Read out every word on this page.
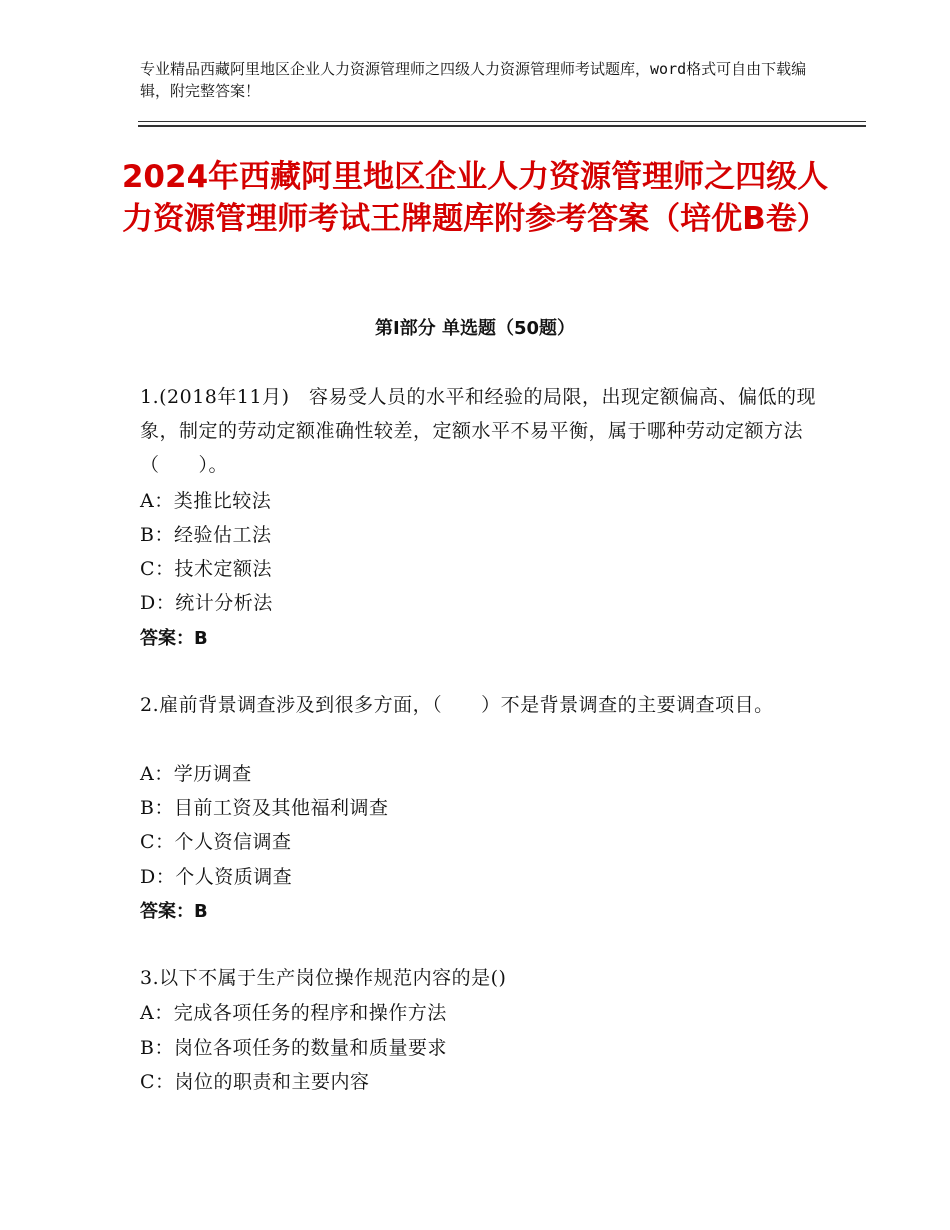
专业精品西藏阿里地区企业人力资源管理师之四级人力资源管理师考试题库，word格式可自由下载编辑，附完整答案！
2024年西藏阿里地区企业人力资源管理师之四级人力资源管理师考试王牌题库附参考答案（培优B卷）
第Ⅰ部分 单选题（50题）
1.(2018年11月)　容易受人员的水平和经验的局限，出现定额偏高、偏低的现象，制定的劳动定额准确性较差，定额水平不易平衡，属于哪种劳动定额方法（　　）。
A：类推比较法
B：经验估工法
C：技术定额法
D：统计分析法
答案：B
2.雇前背景调查涉及到很多方面，（　　）不是背景调查的主要调查项目。
A：学历调查
B：目前工资及其他福利调查
C：个人资信调查
D：个人资质调查
答案：B
3.以下不属于生产岗位操作规范内容的是()
A：完成各项任务的程序和操作方法
B：岗位各项任务的数量和质量要求
C：岗位的职责和主要内容
